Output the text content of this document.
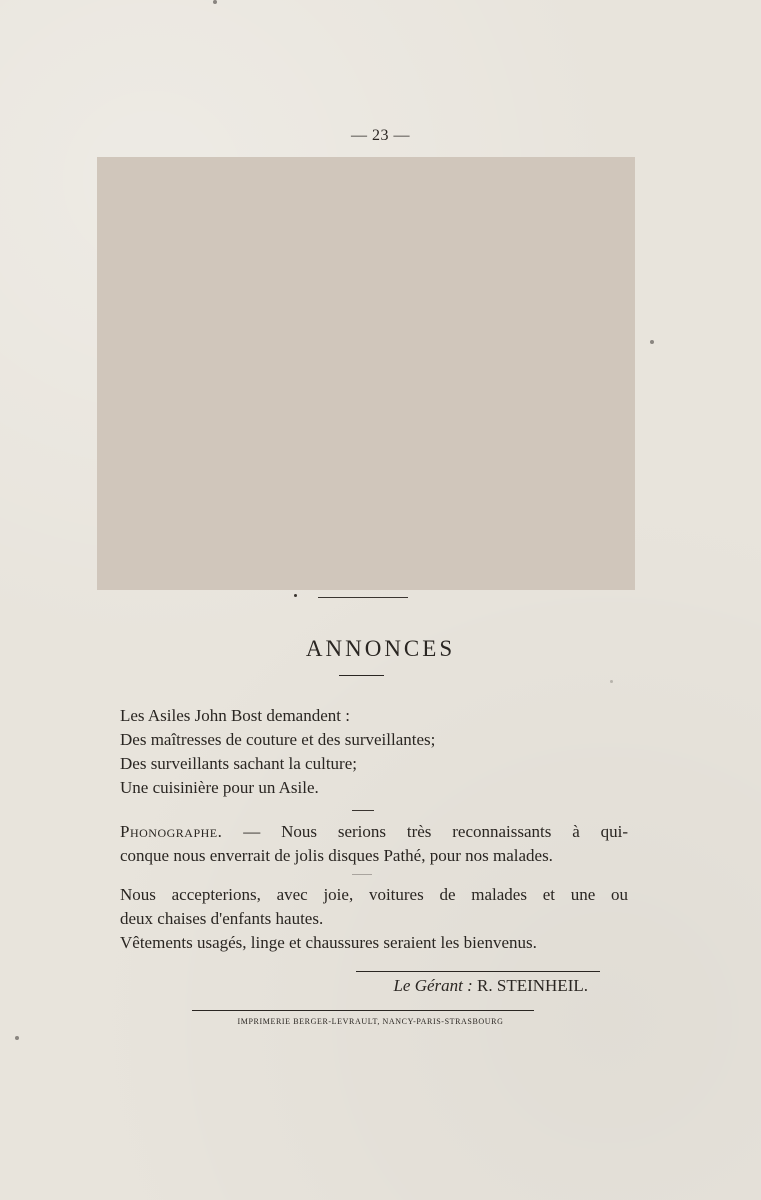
— 23 —
ANNONCES
Les Asiles John Bost demandent :
Des maîtresses de couture et des surveillantes;
Des surveillants sachant la culture;
Une cuisinière pour un Asile.
Phonographe. — Nous serions très reconnaissants à qui-
conque nous enverrait de jolis disques Pathé, pour nos malades.
Nous accepterions, avec joie, voitures de malades et une ou
deux chaises d'enfants hautes.
Vêtements usagés, linge et chaussures seraient les bienvenus.
Le Gérant : R. STEINHEIL.
IMPRIMERIE BERGER-LEVRAULT, NANCY-PARIS-STRASBOURG
